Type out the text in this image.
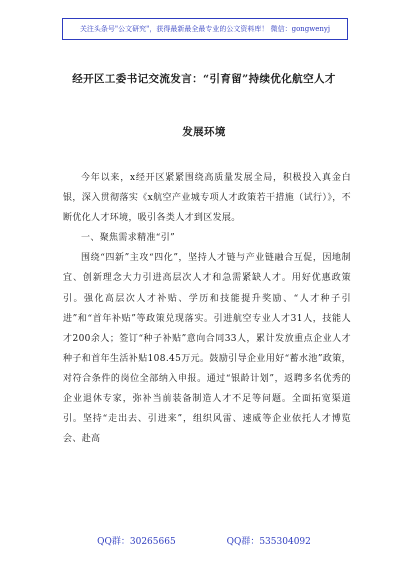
关注头条号"公文研究"，获得最新最全最专业的公文资料库！ 微信：gongwenyj
经开区工委书记交流发言：“引育留”持续优化航空人才
发展环境

今年以来，x经开区紧紧围绕高质量发展全局，积极投入真金白银，深入贯彻落实《x航空产业城专项人才政策若干措施（试行）》，不断优化人才环境，吸引各类人才到区发展。

一、聚焦需求精准“引”

围绕“四新”主攻“四化”，坚持人才链与产业链融合互促，因地制宜、创新理念大力引进高层次人才和急需紧缺人才。用好优惠政策引。强化高层次人才补贴、学历和技能提升奖励、“人才种子引进”和“首年补贴”等政策兑现落实。引进航空专业人才31人，技能人才200余人；签订“种子补贴”意向合同33人，累计发放重点企业人才种子和首年生活补贴108.45万元。鼓励引导企业用好“蓄水池”政策，对符合条件的岗位全部纳入申报。通过“银龄计划”，返聘多名优秀的企业退休专家，弥补当前装备制造人才不足等问题。全面拓宽渠道引。坚持“走出去、引进来”，组织风雷、速威等企业依托人才博览会、赴高

QQ群：30265665	QQ群：535304092
